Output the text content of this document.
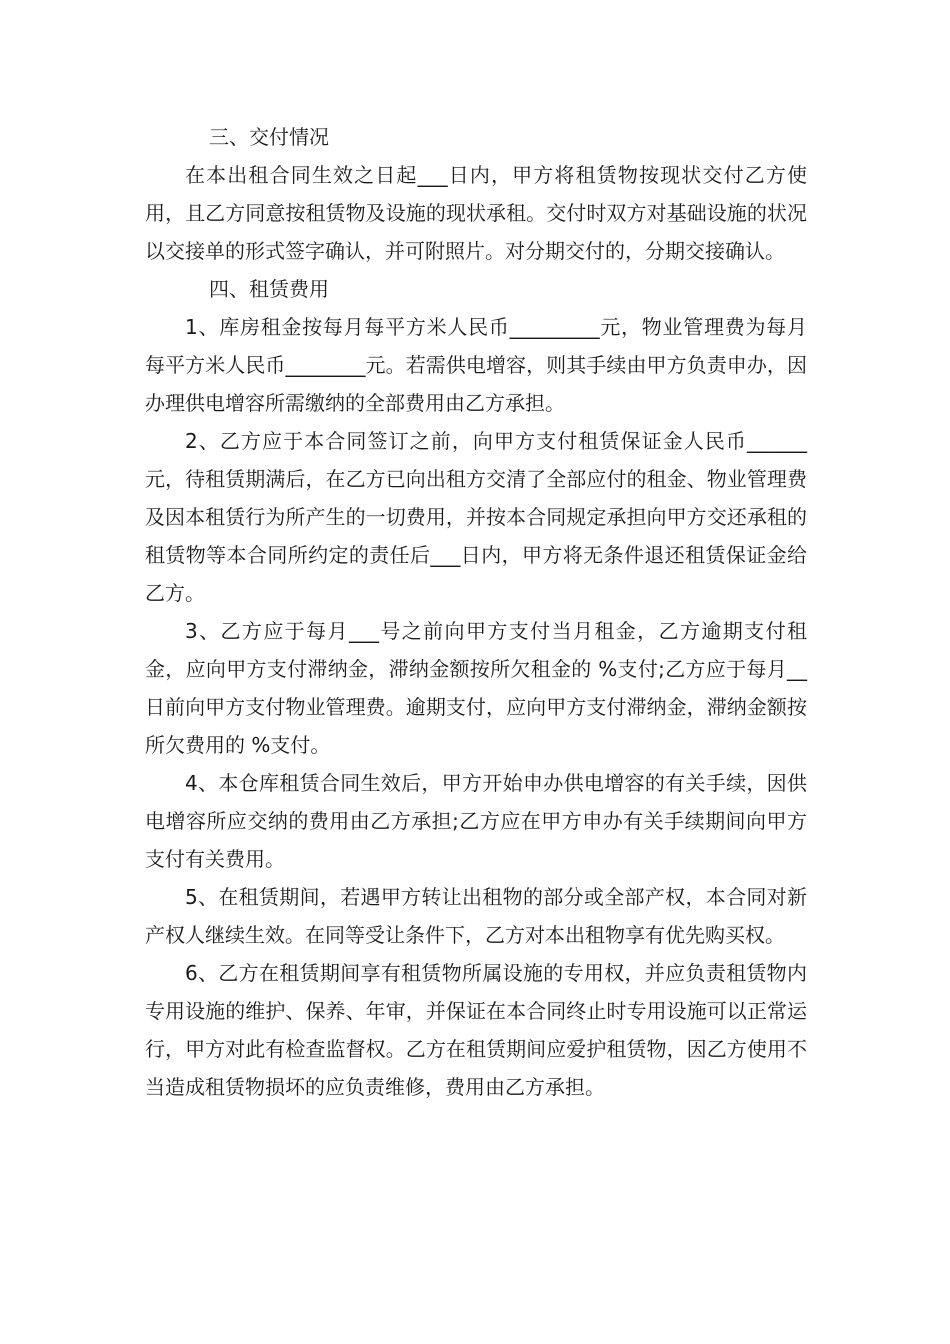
三、交付情况

在本出租合同生效之日起___日内，甲方将租赁物按现状交付乙方使用，且乙方同意按租赁物及设施的现状承租。交付时双方对基础设施的状况以交接单的形式签字确认，并可附照片。对分期交付的，分期交接确认。

四、租赁费用

1、库房租金按每月每平方米人民币_________元，物业管理费为每月每平方米人民币________元。若需供电增容，则其手续由甲方负责申办，因办理供电增容所需缴纳的全部费用由乙方承担。

2、乙方应于本合同签订之前，向甲方支付租赁保证金人民币______元，待租赁期满后，在乙方已向出租方交清了全部应付的租金、物业管理费及因本租赁行为所产生的一切费用，并按本合同规定承担向甲方交还承租的租赁物等本合同所约定的责任后___日内，甲方将无条件退还租赁保证金给乙方。

3、乙方应于每月___号之前向甲方支付当月租金，乙方逾期支付租金，应向甲方支付滞纳金，滞纳金额按所欠租金的 %支付;乙方应于每月__日前向甲方支付物业管理费。逾期支付，应向甲方支付滞纳金，滞纳金额按所欠费用的 %支付。

4、本仓库租赁合同生效后，甲方开始申办供电增容的有关手续，因供电增容所应交纳的费用由乙方承担;乙方应在甲方申办有关手续期间向甲方支付有关费用。

5、在租赁期间，若遇甲方转让出租物的部分或全部产权，本合同对新产权人继续生效。在同等受让条件下，乙方对本出租物享有优先购买权。

6、乙方在租赁期间享有租赁物所属设施的专用权，并应负责租赁物内专用设施的维护、保养、年审，并保证在本合同终止时专用设施可以正常运行，甲方对此有检查监督权。乙方在租赁期间应爱护租赁物，因乙方使用不当造成租赁物损坏的应负责维修，费用由乙方承担。
